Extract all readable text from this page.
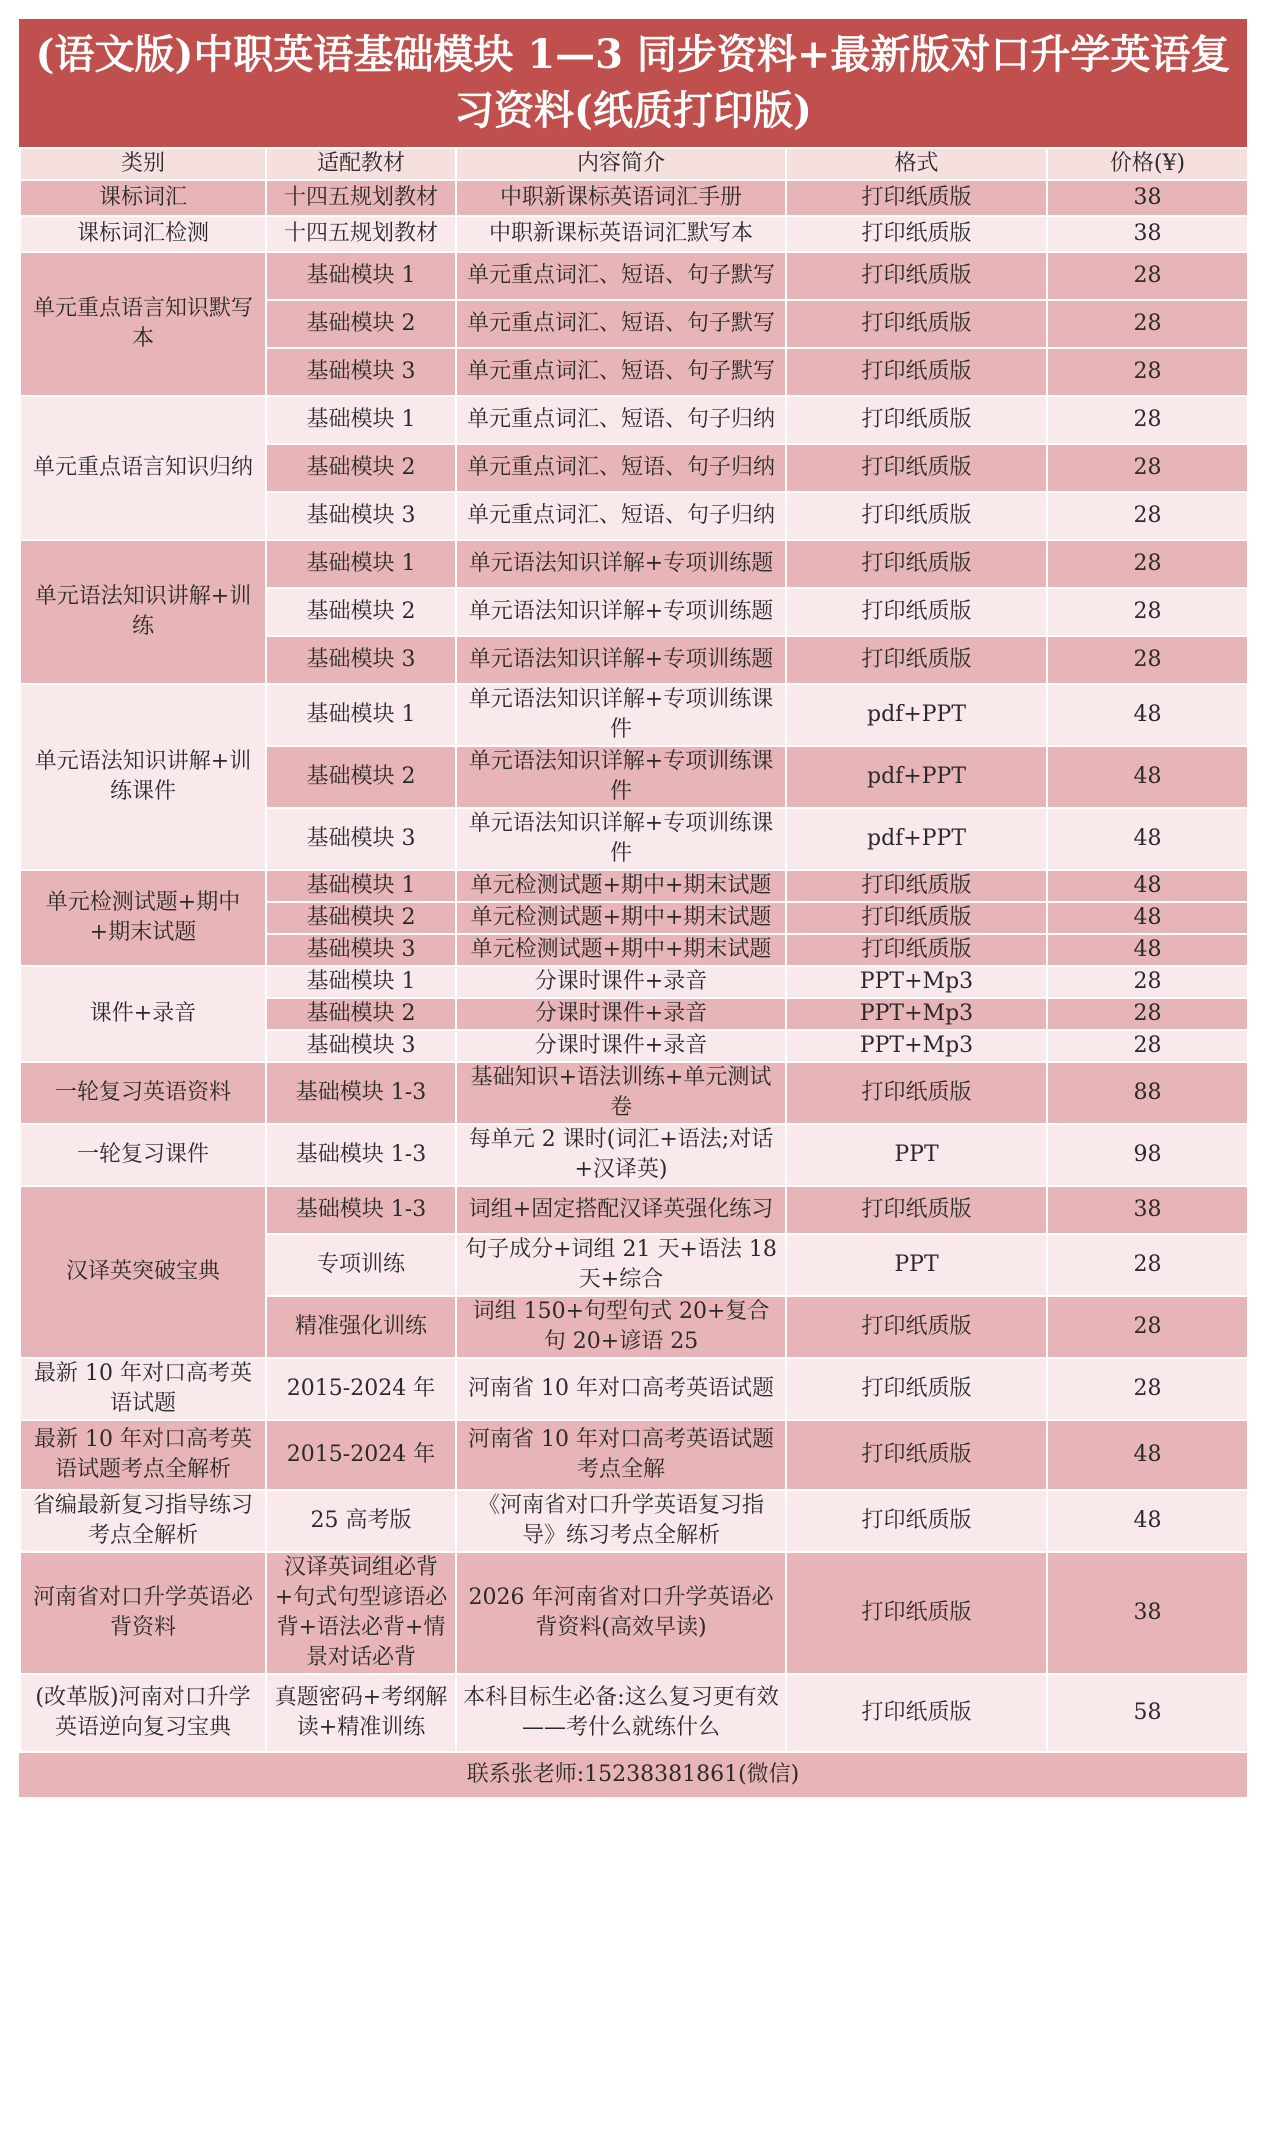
(语文版)中职英语基础模块 1—3 同步资料+最新版对口升学英语复习资料(纸质打印版)
类别	适配教材	内容简介	格式	价格(¥)
课标词汇	十四五规划教材	中职新课标英语词汇手册	打印纸质版	38
课标词汇检测	十四五规划教材	中职新课标英语词汇默写本	打印纸质版	38
单元重点语言知识默写本	基础模块 1	单元重点词汇、短语、句子默写	打印纸质版	28
	基础模块 2	单元重点词汇、短语、句子默写	打印纸质版	28
	基础模块 3	单元重点词汇、短语、句子默写	打印纸质版	28
单元重点语言知识归纳	基础模块 1	单元重点词汇、短语、句子归纳	打印纸质版	28
	基础模块 2	单元重点词汇、短语、句子归纳	打印纸质版	28
	基础模块 3	单元重点词汇、短语、句子归纳	打印纸质版	28
单元语法知识讲解+训练	基础模块 1	单元语法知识详解+专项训练题	打印纸质版	28
	基础模块 2	单元语法知识详解+专项训练题	打印纸质版	28
	基础模块 3	单元语法知识详解+专项训练题	打印纸质版	28
单元语法知识讲解+训练课件	基础模块 1	单元语法知识详解+专项训练课件	pdf+PPT	48
	基础模块 2	单元语法知识详解+专项训练课件	pdf+PPT	48
	基础模块 3	单元语法知识详解+专项训练课件	pdf+PPT	48
单元检测试题+期中+期末试题	基础模块 1	单元检测试题+期中+期末试题	打印纸质版	48
	基础模块 2	单元检测试题+期中+期末试题	打印纸质版	48
	基础模块 3	单元检测试题+期中+期末试题	打印纸质版	48
课件+录音	基础模块 1	分课时课件+录音	PPT+Mp3	28
	基础模块 2	分课时课件+录音	PPT+Mp3	28
	基础模块 3	分课时课件+录音	PPT+Mp3	28
一轮复习英语资料	基础模块 1-3	基础知识+语法训练+单元测试卷	打印纸质版	88
一轮复习课件	基础模块 1-3	每单元 2 课时(词汇+语法;对话+汉译英)	PPT	98
汉译英突破宝典	基础模块 1-3	词组+固定搭配汉译英强化练习	打印纸质版	38
	专项训练	句子成分+词组 21 天+语法 18 天+综合	PPT	28
	精准强化训练	词组 150+句型句式 20+复合句 20+谚语 25	打印纸质版	28
最新 10 年对口高考英语试题	2015-2024 年	河南省 10 年对口高考英语试题	打印纸质版	28
最新 10 年对口高考英语试题考点全解析	2015-2024 年	河南省 10 年对口高考英语试题考点全解	打印纸质版	48
省编最新复习指导练习考点全解析	25 高考版	《河南省对口升学英语复习指导》练习考点全解析	打印纸质版	48
河南省对口升学英语必背资料	汉译英词组必背+句式句型谚语必背+语法必背+情景对话必背	2026 年河南省对口升学英语必背资料(高效早读)	打印纸质版	38
(改革版)河南对口升学英语逆向复习宝典	真题密码+考纲解读+精准训练	本科目标生必备:这么复习更有效——考什么就练什么	打印纸质版	58
联系张老师:15238381861(微信)
